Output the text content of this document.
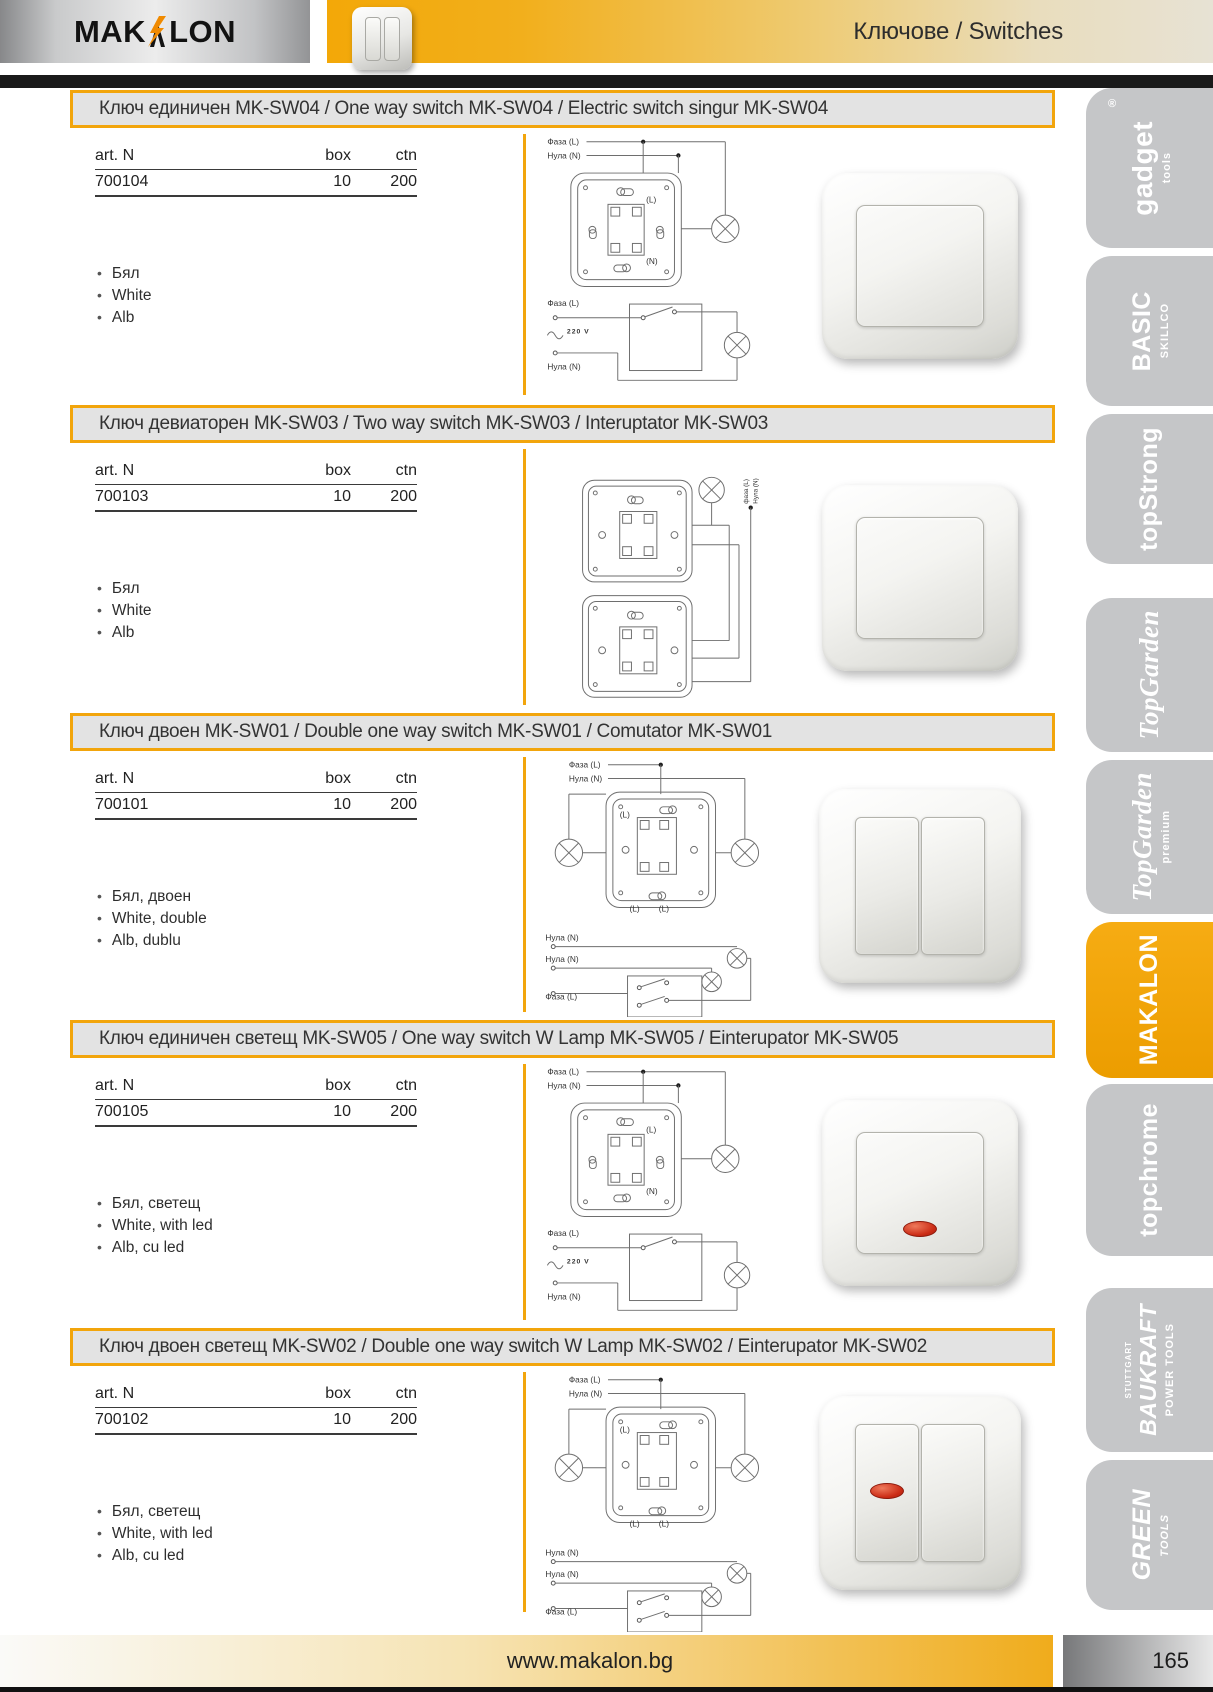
MAK LON	Ключове / Switches
Ключ единичен MK-SW04 / One way switch MK-SW04 / Electric switch singur MK-SW04
art. N	box	ctn
700104	10	200
• Бял
• White
• Alb
Фаза (L)
Нула (N)
(L)
(N)
Фаза (L)
220 V
Нула (N)
Ключ девиаторен MK-SW03 / Two way switch MK-SW03 / Interuptator MK-SW03
art. N	box	ctn
700103	10	200
• Бял
• White
• Alb
фаза (L) Нула (N)
Ключ двоен MK-SW01 / Double one way switch MK-SW01 / Comutator MK-SW01
art. N	box	ctn
700101	10	200
• Бял, двоен
• White, double
• Alb, dublu
Фаза (L)
Нула (N)
(L)
(L) (L)
Нула (N)
Нула (N)
Фаза (L)
Ключ единичен светещ MK-SW05 / One way switch W Lamp MK-SW05 / Einterupator MK-SW05
art. N	box	ctn
700105	10	200
• Бял, светещ
• White, with led
• Alb, cu led
Фаза (L)
Нула (N)
(L)
(N)
Фаза (L)
220 V
Нула (N)
Ключ двоен светещ MK-SW02 / Double one way switch W Lamp MK-SW02 / Einterupator MK-SW02
art. N	box	ctn
700102	10	200
• Бял, светещ
• White, with led
• Alb, cu led
Фаза (L)
Нула (N)
(L)
(L) (L)
Нула (N)
Нула (N)
Фаза (L)
®
gadget tools
BASIC SKILLCO
topStrong
TopGarden
TopGarden premium
MAKALON
topchrome
STUTTGART BAUKRAFT POWER TOOLS
GREEN TOOLS
www.makalon.bg	165
